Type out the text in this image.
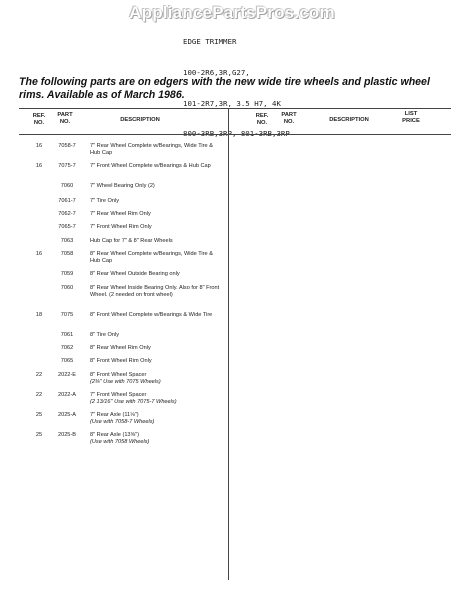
AppliancePartsPros.com

EDGE TRIMMER

100-2R6,3R,G27,

101-2R7,3R, 3.5 H7, 4K

The following parts are on edgers with the new wide tire wheels and plastic wheel rims. Available as of March 1986.
REF. NO.
PART NO.	DESCRIPTION
REF. NO.
PART NO.	DESCRIPTION
LIST PRICE
16	7058-7	7" Rear Wheel Complete w/Bearings, Wide Tire & Hub Cap
16	7075-7	7" Front Wheel Complete w/Bearings & Hub Cap
7060	7" Wheel Bearing Only (2)
7061-7	7" Tire Only
7062-7	7" Rear Wheel Rim Only
7065-7	7" Front Wheel Rim Only
7063	Hub Cap for 7" & 8" Rear Wheels
16	7058	8" Rear Wheel Complete w/Bearings, Wide Tire & Hub Cap
7059	8" Rear Wheel Outside Bearing only
7060	8" Rear Wheel Inside Bearing Only. Also for 8" Front Wheel. (2 needed on front wheel)
18	7075	8" Front Wheel Complete w/Bearings & Wide Tire
7061	8" Tire Only
7062	8" Rear Wheel Rim Only
7065	8" Front Wheel Rim Only
22	2022-E	8" Front Wheel Spacer
(2⅜" Use with 7075 Wheels)
22	2022-A	7" Front Wheel Spacer
(2 13/16" Use with 7075-7 Wheels)
25	2025-A	7" Rear Axle (11⅛")
(Use with 7058-7 Wheels)
25	2025-B	8" Rear Axle (13⅝")
(Use with 7058 Wheels)
